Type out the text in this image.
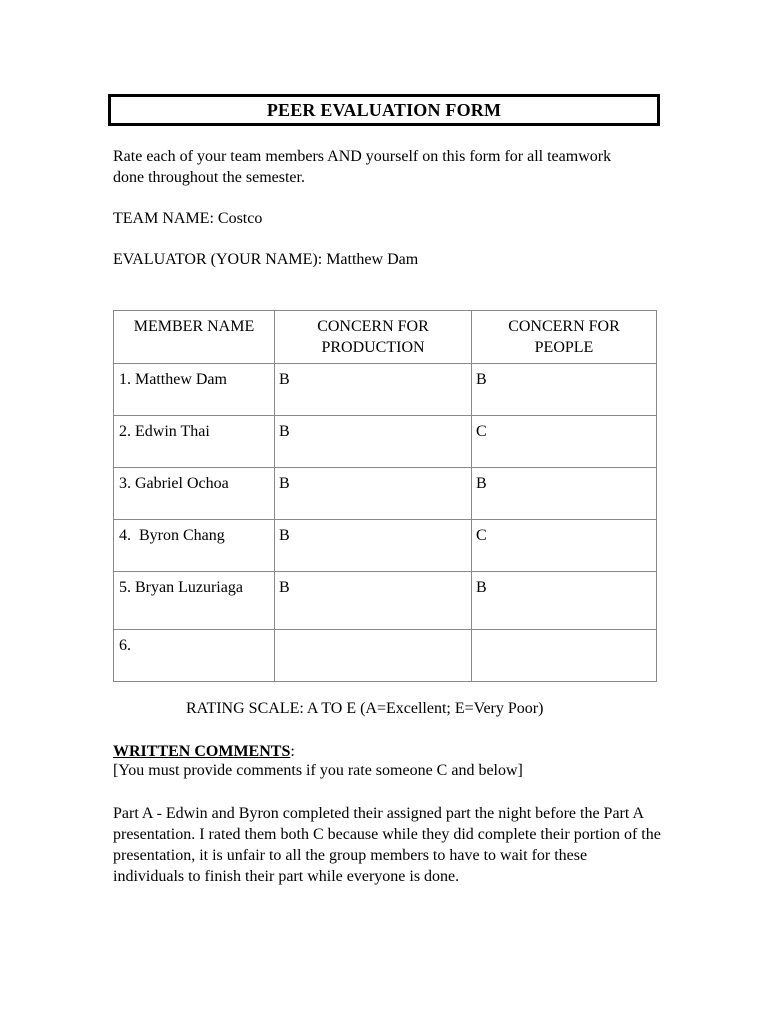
PEER EVALUATION FORM
Rate each of your team members AND yourself on this form for all teamwork done throughout the semester.
TEAM NAME: Costco
EVALUATOR (YOUR NAME): Matthew Dam
MEMBER NAME	CONCERN FOR PRODUCTION	CONCERN FOR PEOPLE

1. Matthew Dam	B	B

2. Edwin Thai	B	C

3. Gabriel Ochoa	B	B

4.  Byron Chang	B	C

5. Bryan Luzuriaga	B	B

6.		

RATING SCALE: A TO E (A=Excellent; E=Very Poor)
WRITTEN COMMENTS:
[You must provide comments if you rate someone C and below]
Part A - Edwin and Byron completed their assigned part the night before the Part A presentation. I rated them both C because while they did complete their portion of the presentation, it is unfair to all the group members to have to wait for these individuals to finish their part while everyone is done.
